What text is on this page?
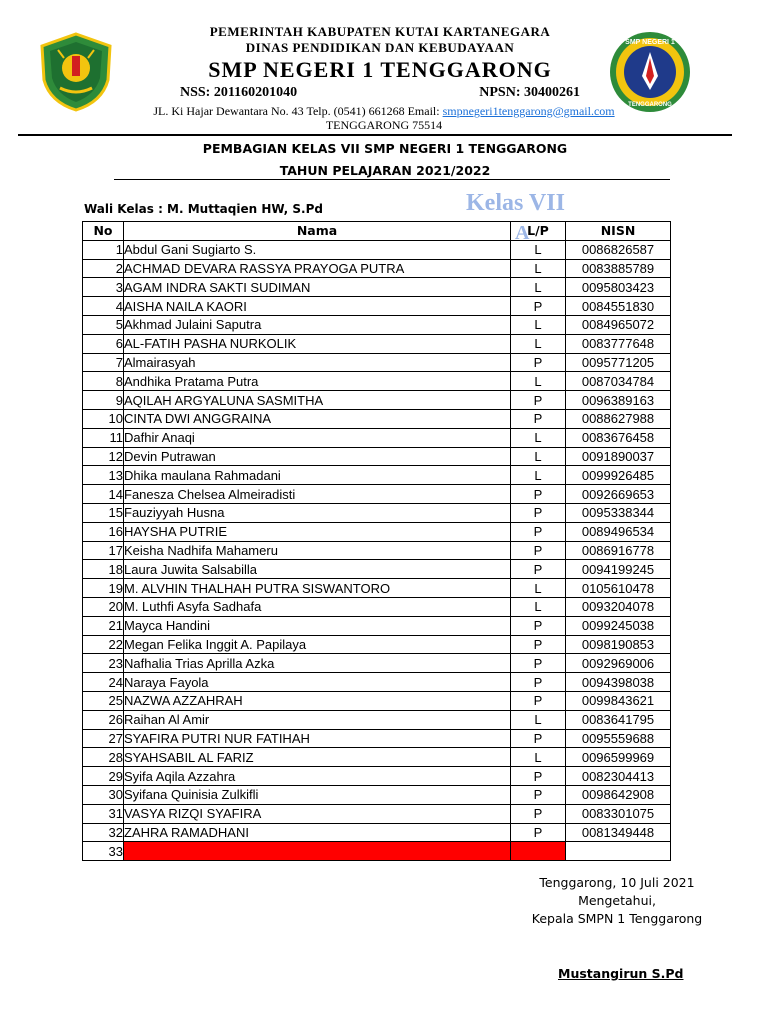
PEMERINTAH KABUPATEN KUTAI KARTANEGARA
DINAS PENDIDIKAN DAN KEBUDAYAAN
SMP NEGERI 1 TENGGARONG
NSS: 201160201040	NPSN: 30400261
JL. Ki Hajar Dewantara No. 43 Telp. (0541) 661268 Email: smpnegeri1tenggarong@gmail.com
TENGGARONG 75514
SMP NEGERI 1
TENGGARONG
PEMBAGIAN KELAS VII SMP NEGERI 1 TENGGARONG
TAHUN PELAJARAN 2021/2022
Wali Kelas : M. Muttaqien HW, S.Pd	Kelas VII
A
No	Nama	L/P	NISN
1	Abdul Gani Sugiarto S.	L	0086826587
2	ACHMAD DEVARA RASSYA PRAYOGA PUTRA	L	0083885789
3	AGAM INDRA SAKTI SUDIMAN	L	0095803423
4	AISHA NAILA KAORI	P	0084551830
5	Akhmad Julaini Saputra	L	0084965072
6	AL-FATIH PASHA NURKOLIK	L	0083777648
7	Almairasyah	P	0095771205
8	Andhika Pratama Putra	L	0087034784
9	AQILAH ARGYALUNA SASMITHA	P	0096389163
10	CINTA DWI ANGGRAINA	P	0088627988
11	Dafhir Anaqi	L	0083676458
12	Devin Putrawan	L	0091890037
13	Dhika maulana Rahmadani	L	0099926485
14	Fanesza Chelsea Almeiradisti	P	0092669653
15	Fauziyyah Husna	P	0095338344
16	HAYSHA PUTRIE	P	0089496534
17	Keisha Nadhifa Mahameru	P	0086916778
18	Laura Juwita Salsabilla	P	0094199245
19	M. ALVHIN THALHAH PUTRA SISWANTORO	L	0105610478
20	M. Luthfi Asyfa Sadhafa	L	0093204078
21	Mayca Handini	P	0099245038
22	Megan Felika Inggit A. Papilaya	P	0098190853
23	Nafhalia Trias Aprilla Azka	P	0092969006
24	Naraya Fayola	P	0094398038
25	NAZWA AZZAHRAH	P	0099843621
26	Raihan Al Amir	L	0083641795
27	SYAFIRA PUTRI NUR FATIHAH	P	0095559688
28	SYAHSABIL AL FARIZ	L	0096599969
29	Syifa Aqila Azzahra	P	0082304413
30	Syifana Quinisia Zulkifli	P	0098642908
31	VASYA RIZQI SYAFIRA	P	0083301075
32	ZAHRA RAMADHANI	P	0081349448
33			
Tenggarong, 10 Juli 2021
Mengetahui,
Kepala SMPN 1 Tenggarong
Mustangirun S.Pd
